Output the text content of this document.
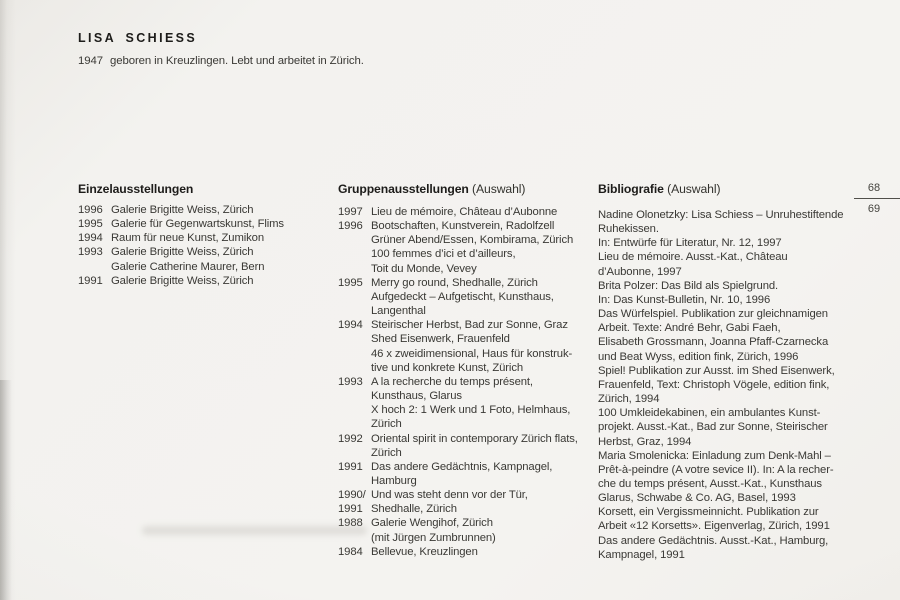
LISA SCHIESS
1947 geboren in Kreuzlingen. Lebt und arbeitet in Zürich.
Einzelausstellungen
1996 Galerie Brigitte Weiss, Zürich
1995 Galerie für Gegenwartskunst, Flims
1994 Raum für neue Kunst, Zumikon
1993 Galerie Brigitte Weiss, Zürich
Galerie Catherine Maurer, Bern
1991 Galerie Brigitte Weiss, Zürich
Gruppenausstellungen (Auswahl)
1997 Lieu de mémoire, Château d’Aubonne
1996 Bootschaften, Kunstverein, Radolfzell
Grüner Abend/Essen, Kombirama, Zürich
100 femmes d’ici et d’ailleurs,
Toit du Monde, Vevey
1995 Merry go round, Shedhalle, Zürich
Aufgedeckt – Aufgetischt, Kunsthaus,
Langenthal
1994 Steirischer Herbst, Bad zur Sonne, Graz
Shed Eisenwerk, Frauenfeld
46 x zweidimensional, Haus für konstruk-
tive und konkrete Kunst, Zürich
1993 A la recherche du temps présent,
Kunsthaus, Glarus
X hoch 2: 1 Werk und 1 Foto, Helmhaus,
Zürich
1992 Oriental spirit in contemporary Zürich flats,
Zürich
1991 Das andere Gedächtnis, Kampnagel,
Hamburg
1990/ Und was steht denn vor der Tür,
1991 Shedhalle, Zürich
1988 Galerie Wengihof, Zürich
(mit Jürgen Zumbrunnen)
1984 Bellevue, Kreuzlingen
Bibliografie (Auswahl)
Nadine Olonetzky: Lisa Schiess – Unruhestiftende
Ruhekissen.
In: Entwürfe für Literatur, Nr. 12, 1997
Lieu de mémoire. Ausst.-Kat., Château
d’Aubonne, 1997
Brita Polzer: Das Bild als Spielgrund.
In: Das Kunst-Bulletin, Nr. 10, 1996
Das Würfelspiel. Publikation zur gleichnamigen
Arbeit. Texte: André Behr, Gabi Faeh,
Elisabeth Grossmann, Joanna Pfaff-Czarnecka
und Beat Wyss, edition fink, Zürich, 1996
Spiel! Publikation zur Ausst. im Shed Eisenwerk,
Frauenfeld, Text: Christoph Vögele, edition fink,
Zürich, 1994
100 Umkleidekabinen, ein ambulantes Kunst-
projekt. Ausst.-Kat., Bad zur Sonne, Steirischer
Herbst, Graz, 1994
Maria Smolenicka: Einladung zum Denk-Mahl –
Prêt-à-peindre (A votre sevice II). In: A la recher-
che du temps présent, Ausst.-Kat., Kunsthaus
Glarus, Schwabe & Co. AG, Basel, 1993
Korsett, ein Vergissmeinnicht. Publikation zur
Arbeit «12 Korsetts». Eigenverlag, Zürich, 1991
Das andere Gedächtnis. Ausst.-Kat., Hamburg,
Kampnagel, 1991
68
69
